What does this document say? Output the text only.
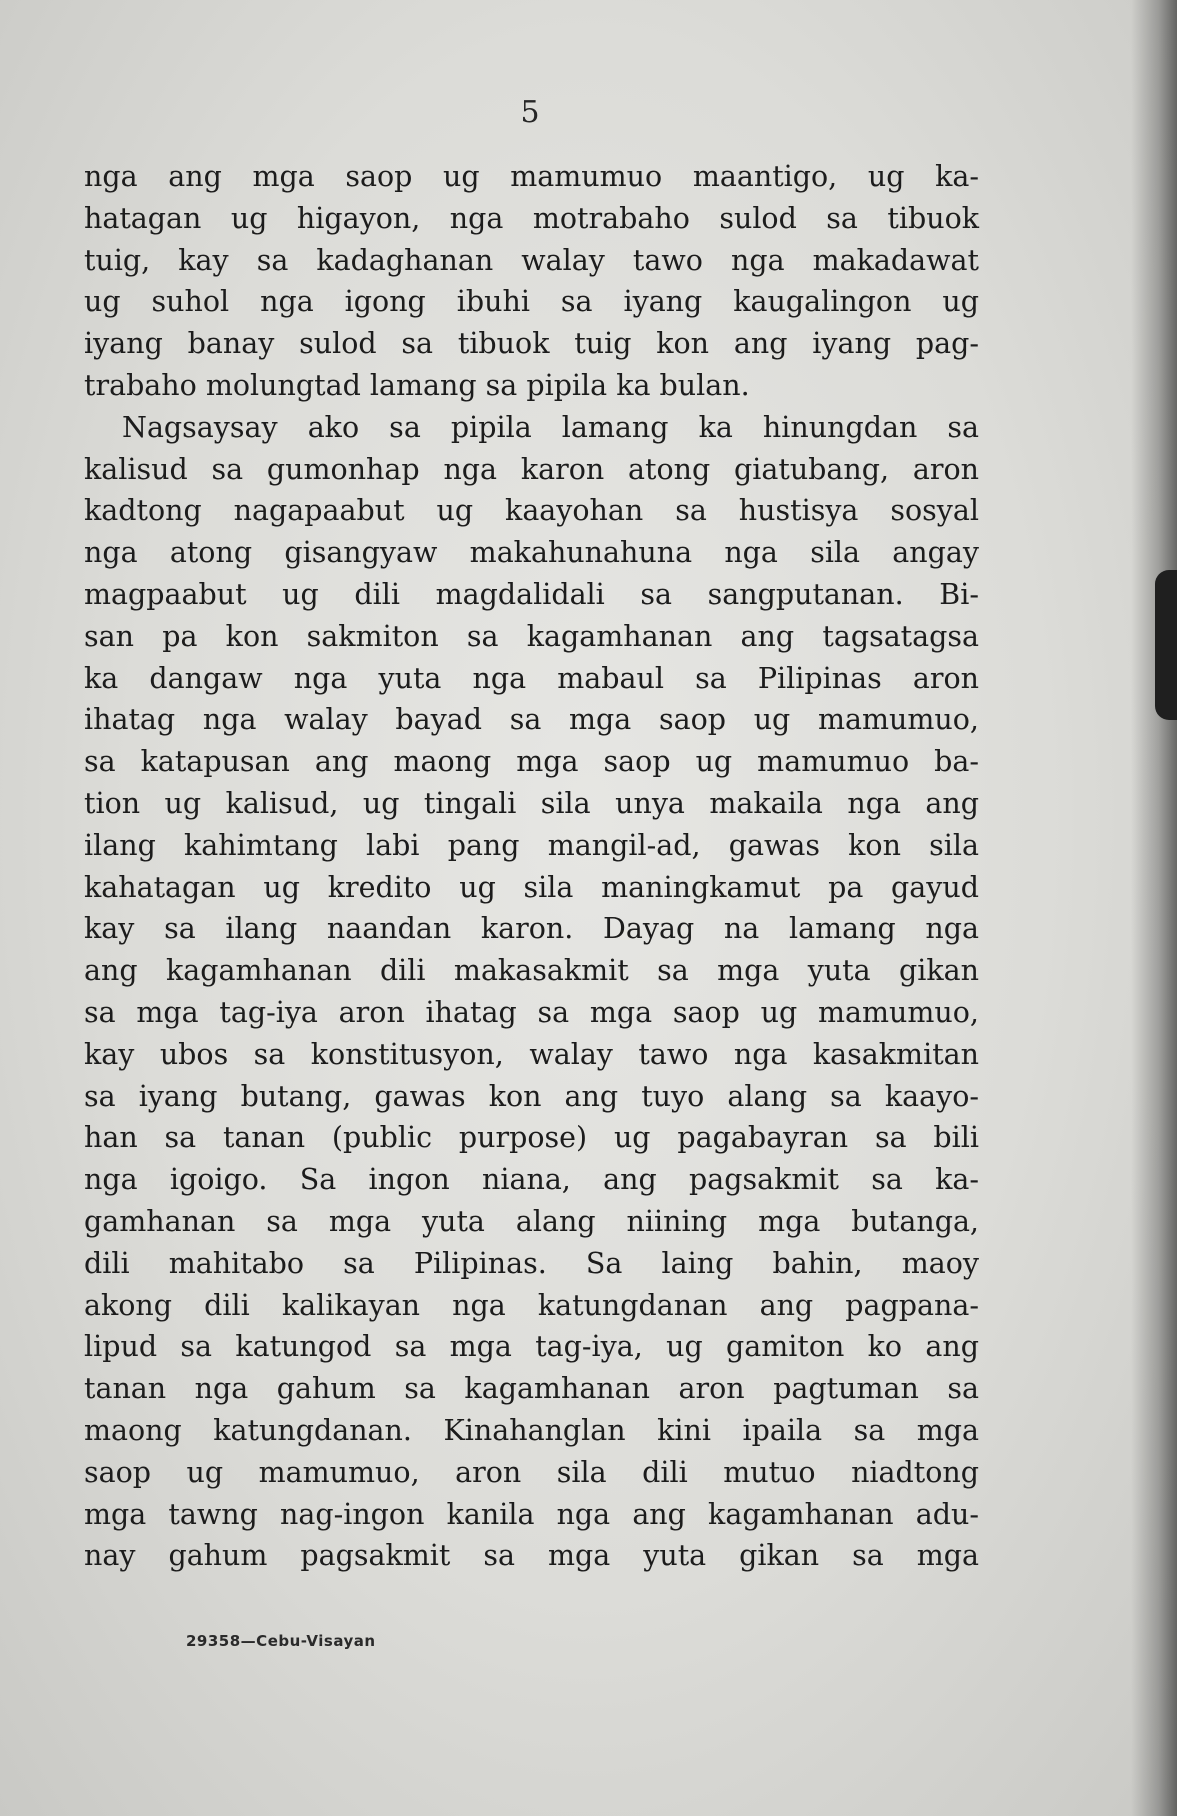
5
nga ang mga saop ug mamumuo maantigo, ug ka-
hatagan ug higayon, nga motrabaho sulod sa tibuok
tuig, kay sa kadaghanan walay tawo nga makadawat
ug suhol nga igong ibuhi sa iyang kaugalingon ug
iyang banay sulod sa tibuok tuig kon ang iyang pag-
trabaho molungtad lamang sa pipila ka bulan.
Nagsaysay ako sa pipila lamang ka hinungdan sa
kalisud sa gumonhap nga karon atong giatubang, aron
kadtong nagapaabut ug kaayohan sa hustisya sosyal
nga atong gisangyaw makahunahuna nga sila angay
magpaabut ug dili magdalidali sa sangputanan. Bi-
san pa kon sakmiton sa kagamhanan ang tagsatagsa
ka dangaw nga yuta nga mabaul sa Pilipinas aron
ihatag nga walay bayad sa mga saop ug mamumuo,
sa katapusan ang maong mga saop ug mamumuo ba-
tion ug kalisud, ug tingali sila unya makaila nga ang
ilang kahimtang labi pang mangil-ad, gawas kon sila
kahatagan ug kredito ug sila maningkamut pa gayud
kay sa ilang naandan karon. Dayag na lamang nga
ang kagamhanan dili makasakmit sa mga yuta gikan
sa mga tag-iya aron ihatag sa mga saop ug mamumuo,
kay ubos sa konstitusyon, walay tawo nga kasakmitan
sa iyang butang, gawas kon ang tuyo alang sa kaayo-
han sa tanan (public purpose) ug pagabayran sa bili
nga igoigo. Sa ingon niana, ang pagsakmit sa ka-
gamhanan sa mga yuta alang niining mga butanga,
dili mahitabo sa Pilipinas. Sa laing bahin, maoy
akong dili kalikayan nga katungdanan ang pagpana-
lipud sa katungod sa mga tag-iya, ug gamiton ko ang
tanan nga gahum sa kagamhanan aron pagtuman sa
maong katungdanan. Kinahanglan kini ipaila sa mga
saop ug mamumuo, aron sila dili mutuo niadtong
mga tawng nag-ingon kanila nga ang kagamhanan adu-
nay gahum pagsakmit sa mga yuta gikan sa mga
29358—Cebu-Visayan
